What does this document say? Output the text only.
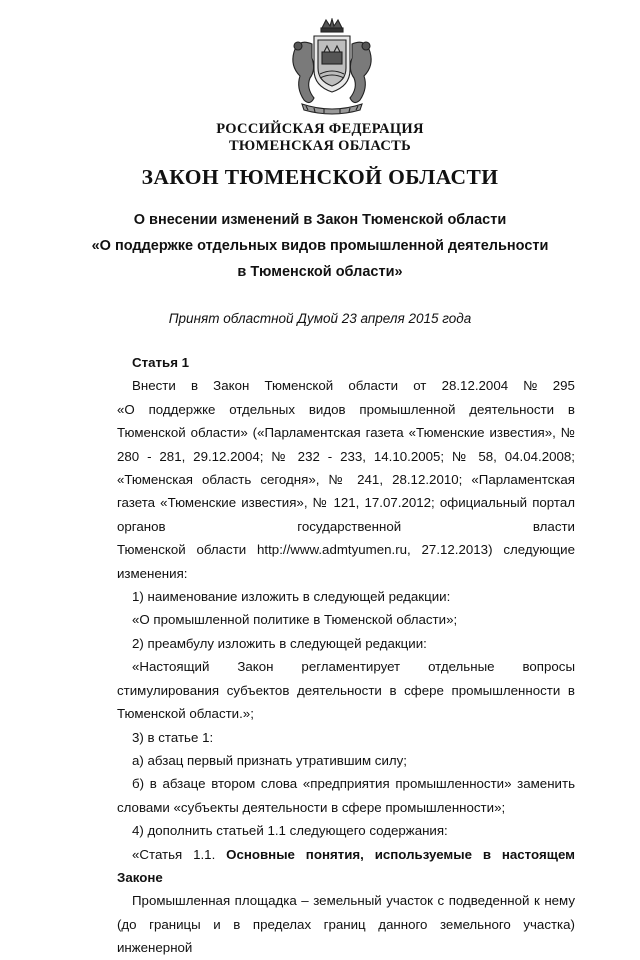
РОССИЙСКАЯ ФЕДЕРАЦИЯ
ТЮМЕНСКАЯ ОБЛАСТЬ
ЗАКОН ТЮМЕНСКОЙ ОБЛАСТИ
О внесении изменений в Закон Тюменской области
«О поддержке отдельных видов промышленной деятельности
в Тюменской области»
Принят областной Думой 23 апреля 2015 года
Статья 1
Внести в Закон Тюменской области от 28.12.2004 № 295

«О поддержке отдельных видов промышленной деятельности в Тюменской области» («Парламентская газета «Тюменские известия», № 280 - 281, 29.12.2004; № 232 - 233, 14.10.2005; № 58, 04.04.2008; «Тюменская область сегодня», № 241, 28.12.2010; «Парламентская газета «Тюменские известия», № 121, 17.07.2012; официальный портал органов государственной власти

Тюменской области http://www.admtyumen.ru, 27.12.2013) следующие

изменения:

1) наименование изложить в следующей редакции:

«О промышленной политике в Тюменской области»;

2) преамбулу изложить в следующей редакции:

«Настоящий Закон регламентирует отдельные вопросы стимулирования субъектов деятельности в сфере промышленности в Тюменской области.»;

3) в статье 1:

а) абзац первый признать утратившим силу;

б) в абзаце втором слова «предприятия промышленности» заменить словами «субъекты деятельности в сфере промышленности»;

4) дополнить статьей 1.1 следующего содержания:

«Статья 1.1. Основные понятия, используемые в настоящем Законе

Промышленная площадка – земельный участок с подведенной к нему (до границы и в пределах границ данного земельного участка) инженерной
